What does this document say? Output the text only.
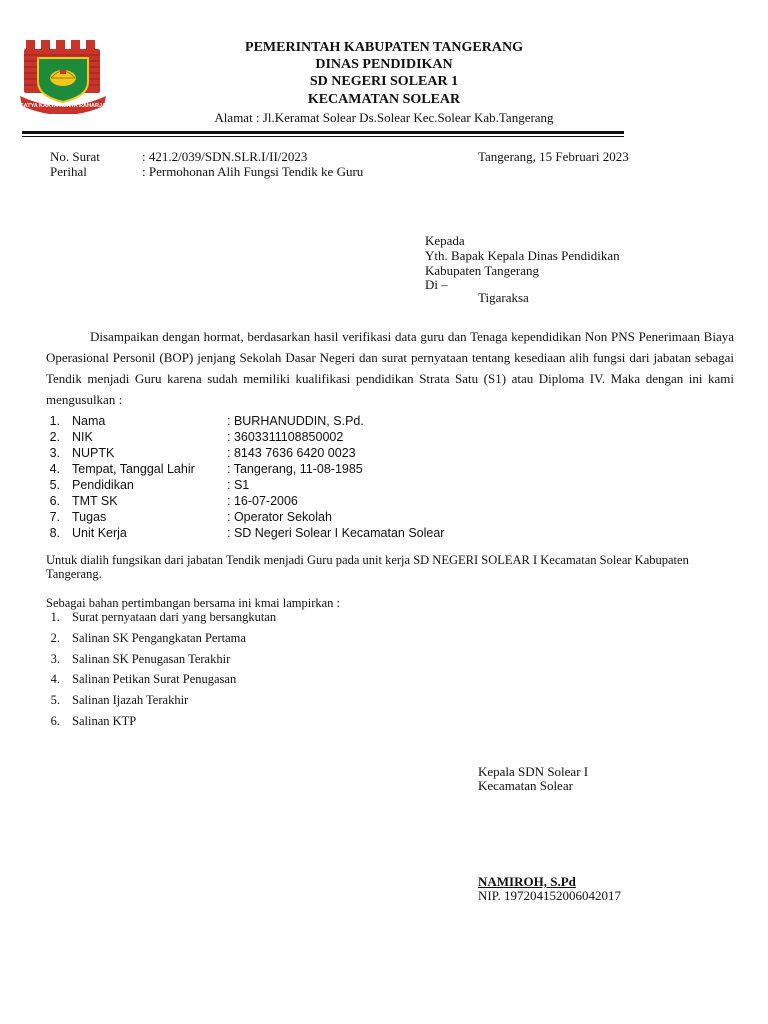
SATYA KARYA KERTA RAHARJA
PEMERINTAH KABUPATEN TANGERANG
DINAS PENDIDIKAN
SD NEGERI SOLEAR 1
KECAMATAN SOLEAR
Alamat : Jl.Keramat Solear Ds.Solear Kec.Solear Kab.Tangerang
No. Surat	: 421.2/039/SDN.SLR.I/II/2023	Tangerang, 15 Februari 2023
Perihal	: Permohonan Alih Fungsi Tendik ke Guru
Kepada
Yth. Bapak Kepala Dinas Pendidikan
Kabupaten Tangerang
Di –
Tigaraksa
Disampaikan dengan hormat, berdasarkan hasil verifikasi data guru dan Tenaga kependidikan Non PNS Penerimaan Biaya Operasional Personil (BOP) jenjang Sekolah Dasar Negeri dan surat pernyataan tentang kesediaan alih fungsi dari jabatan sebagai Tendik menjadi Guru karena sudah memiliki kualifikasi pendidikan Strata Satu (S1) atau Diploma IV. Maka dengan ini kami mengusulkan :
1. Nama	: BURHANUDDIN, S.Pd.
2. NIK	: 3603311108850002
3. NUPTK	: 8143 7636 6420 0023
4. Tempat, Tanggal Lahir	: Tangerang, 11-08-1985
5. Pendidikan	: S1
6. TMT SK	: 16-07-2006
7. Tugas	: Operator Sekolah
8. Unit Kerja	: SD Negeri Solear I Kecamatan Solear
Untuk dialih fungsikan dari jabatan Tendik menjadi Guru pada unit kerja SD NEGERI SOLEAR I Kecamatan Solear Kabupaten Tangerang.
Sebagai bahan pertimbangan bersama ini kmai lampirkan :
1. Surat pernyataan dari yang bersangkutan
2. Salinan SK Pengangkatan Pertama
3. Salinan SK Penugasan Terakhir
4. Salinan Petikan Surat Penugasan
5. Salinan Ijazah Terakhir
6. Salinan KTP
Kepala SDN Solear I
Kecamatan Solear
NAMIROH, S.Pd
NIP. 197204152006042017
